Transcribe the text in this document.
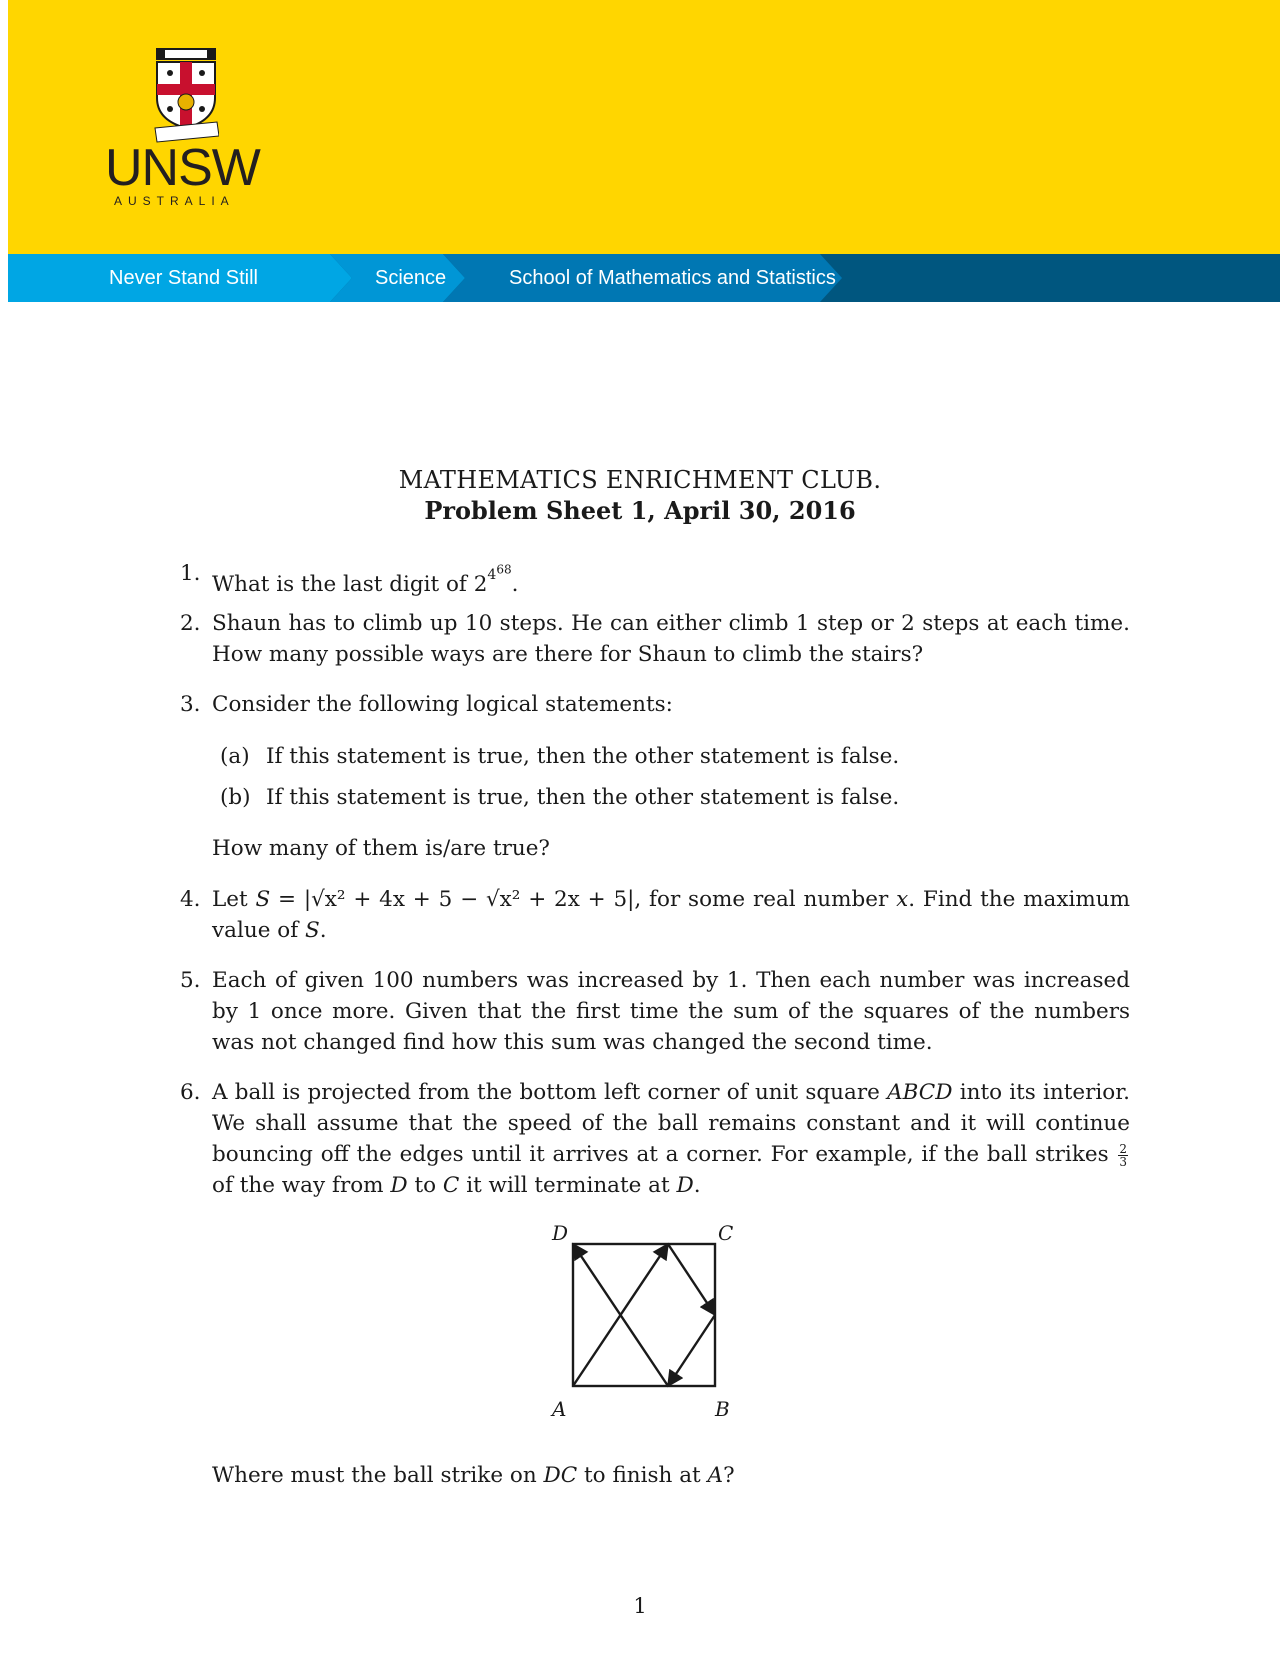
UNSW
AUSTRALIA
Never Stand Still	Science	School of Mathematics and Statistics
MATHEMATICS ENRICHMENT CLUB.
Problem Sheet 1, April 30, 2016
1. What is the last digit of $2^{4^{68}}$.
2. Shaun has to climb up 10 steps. He can either climb 1 step or 2 steps at each time. How many possible ways are there for Shaun to climb the stairs?
3. Consider the following logical statements:
(a) If this statement is true, then the other statement is false.
(b) If this statement is true, then the other statement is false.
How many of them is/are true?
4. Let S = |√x² + 4x + 5 − √x² + 2x + 5|, for some real number x. Find the maximum value of S.
5. Each of given 100 numbers was increased by 1. Then each number was increased by 1 once more. Given that the first time the sum of the squares of the numbers was not changed find how this sum was changed the second time.
6. A ball is projected from the bottom left corner of unit square ABCD into its interior. We shall assume that the speed of the ball remains constant and it will continue bouncing off the edges until it arrives at a corner. For example, if the ball strikes $\frac{2}{3}$
of the way from D to C it will terminate at D.
D	C
A	B
Where must the ball strike on DC to finish at A?
1
